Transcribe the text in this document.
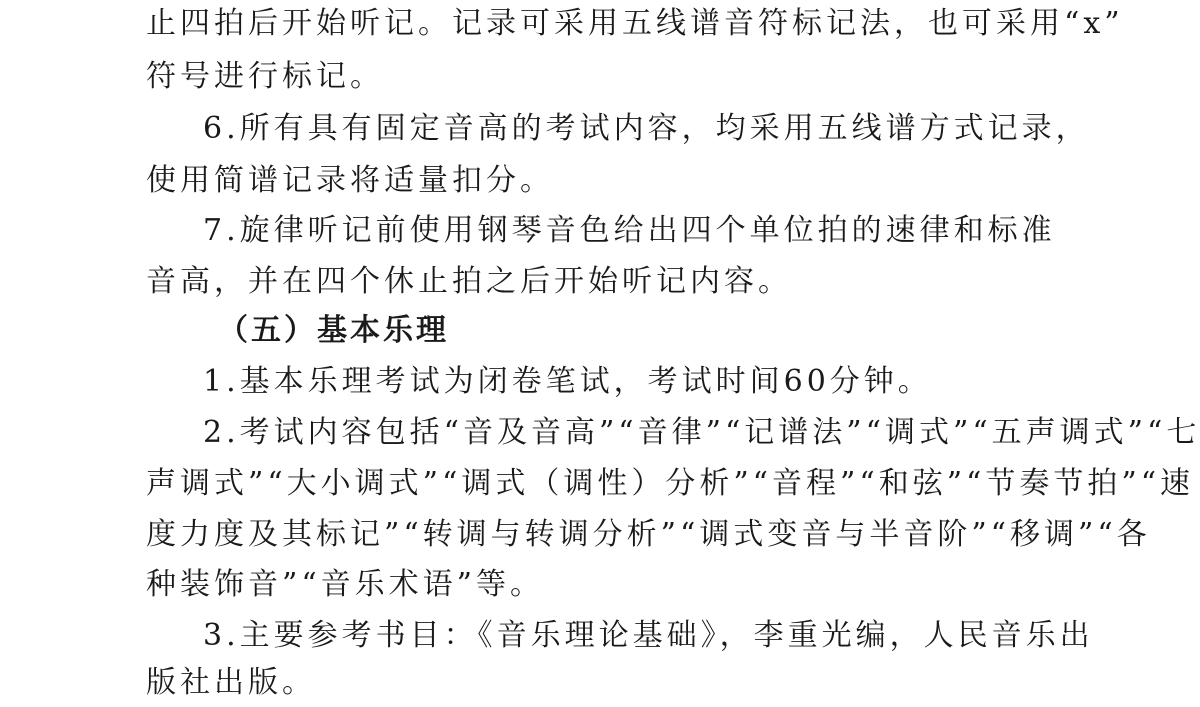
止四拍后开始听记。记录可采用五线谱音符标记法，也可采用“x”
符号进行标记。
6.所有具有固定音高的考试内容，均采用五线谱方式记录，
使用简谱记录将适量扣分。
7.旋律听记前使用钢琴音色给出四个单位拍的速律和标准
音高，并在四个休止拍之后开始听记内容。
（五）基本乐理
1.基本乐理考试为闭卷笔试，考试时间60分钟。
2.考试内容包括“音及音高”“音律”“记谱法”“调式”“五声调式”“七
声调式”“大小调式”“调式（调性）分析”“音程”“和弦”“节奏节拍”“速
度力度及其标记”“转调与转调分析”“调式变音与半音阶”“移调”“各
种装饰音”“音乐术语”等。
3.主要参考书目：《音乐理论基础》，李重光编，人民音乐出
版社出版。
